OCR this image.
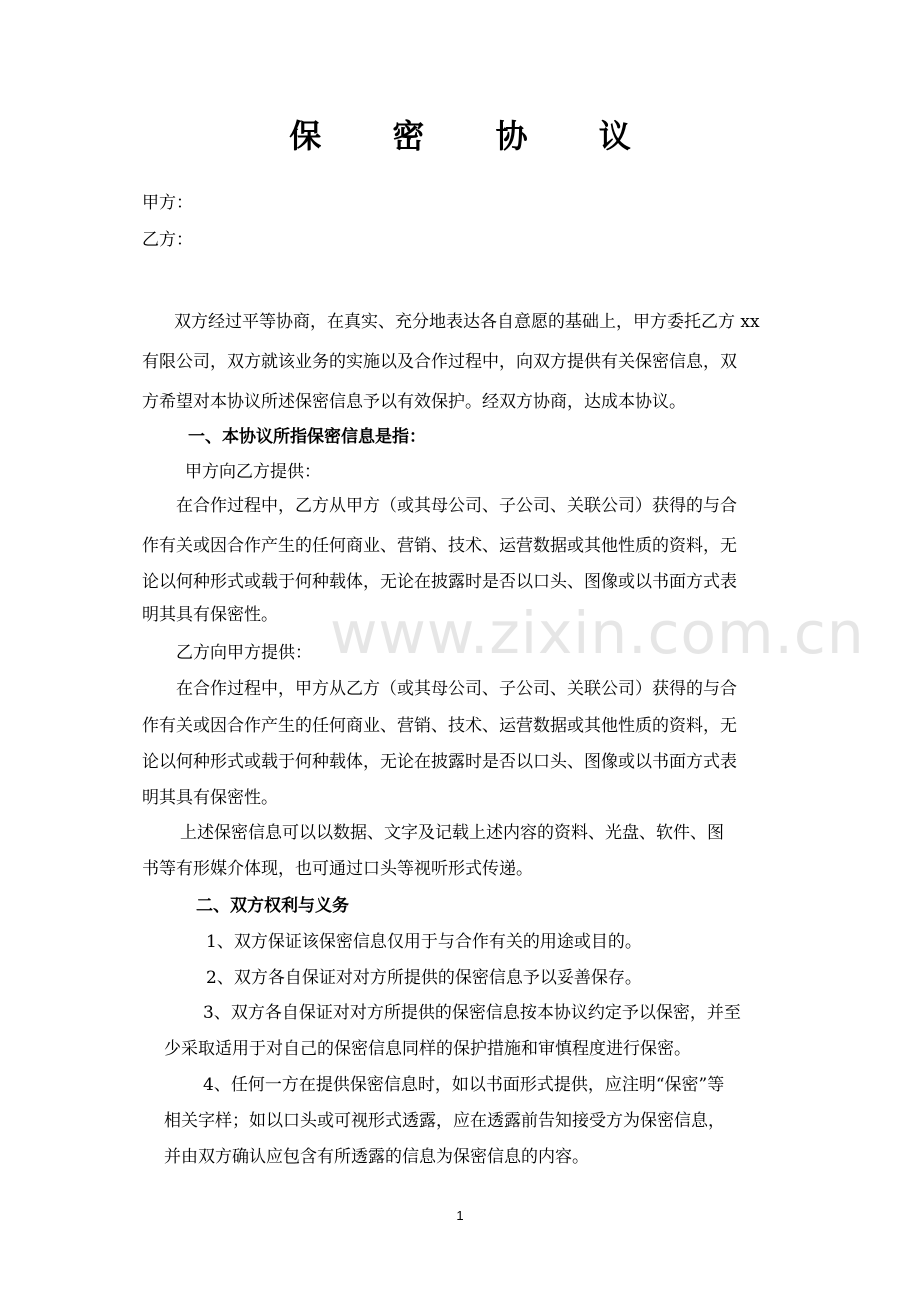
www.zixin.com.cn
保 密 协 议
甲方：
乙方：
双方经过平等协商，在真实、充分地表达各自意愿的基础上，甲方委托乙方 xx
有限公司，双方就该业务的实施以及合作过程中，向双方提供有关保密信息，双
方希望对本协议所述保密信息予以有效保护。经双方协商，达成本协议。
一、本协议所指保密信息是指：
甲方向乙方提供：
在合作过程中，乙方从甲方（或其母公司、子公司、关联公司）获得的与合
作有关或因合作产生的任何商业、营销、技术、运营数据或其他性质的资料，无
论以何种形式或载于何种载体，无论在披露时是否以口头、图像或以书面方式表
明其具有保密性。
乙方向甲方提供：
在合作过程中，甲方从乙方（或其母公司、子公司、关联公司）获得的与合
作有关或因合作产生的任何商业、营销、技术、运营数据或其他性质的资料，无
论以何种形式或载于何种载体，无论在披露时是否以口头、图像或以书面方式表
明其具有保密性。
上述保密信息可以以数据、文字及记载上述内容的资料、光盘、软件、图
书等有形媒介体现，也可通过口头等视听形式传递。
二、双方权利与义务
1、双方保证该保密信息仅用于与合作有关的用途或目的。
2、双方各自保证对对方所提供的保密信息予以妥善保存。
3、双方各自保证对对方所提供的保密信息按本协议约定予以保密，并至
少采取适用于对自己的保密信息同样的保护措施和审慎程度进行保密。
4、任何一方在提供保密信息时，如以书面形式提供，应注明“保密”等
相关字样；如以口头或可视形式透露，应在透露前告知接受方为保密信息，
并由双方确认应包含有所透露的信息为保密信息的内容。
1
